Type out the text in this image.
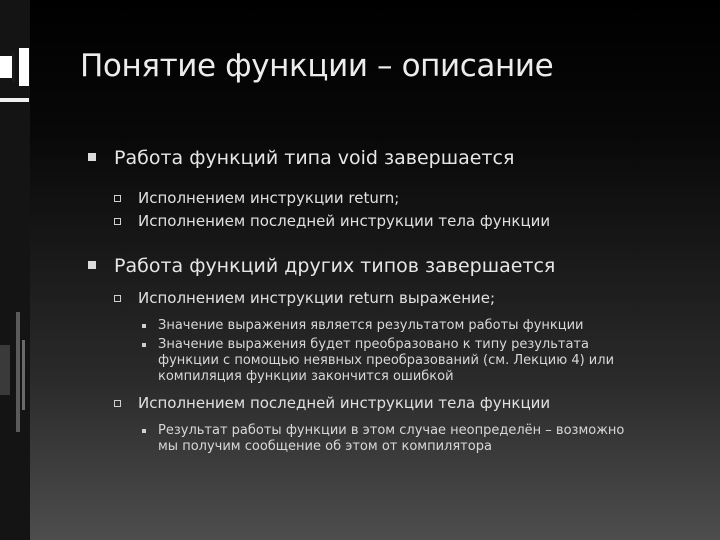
Понятие функции – описание
Работа функций типа void завершается
Исполнением инструкции return;
Исполнением последней инструкции тела функции
Работа функций других типов завершается
Исполнением инструкции return выражение;
Значение выражения является результатом работы функции
Значение выражения будет преобразовано к типу результата функции с помощью неявных преобразований (см. Лекцию 4) или компиляция функции закончится ошибкой
Исполнением последней инструкции тела функции
Результат работы функции в этом случае неопределён – возможно мы получим сообщение об этом от компилятора
